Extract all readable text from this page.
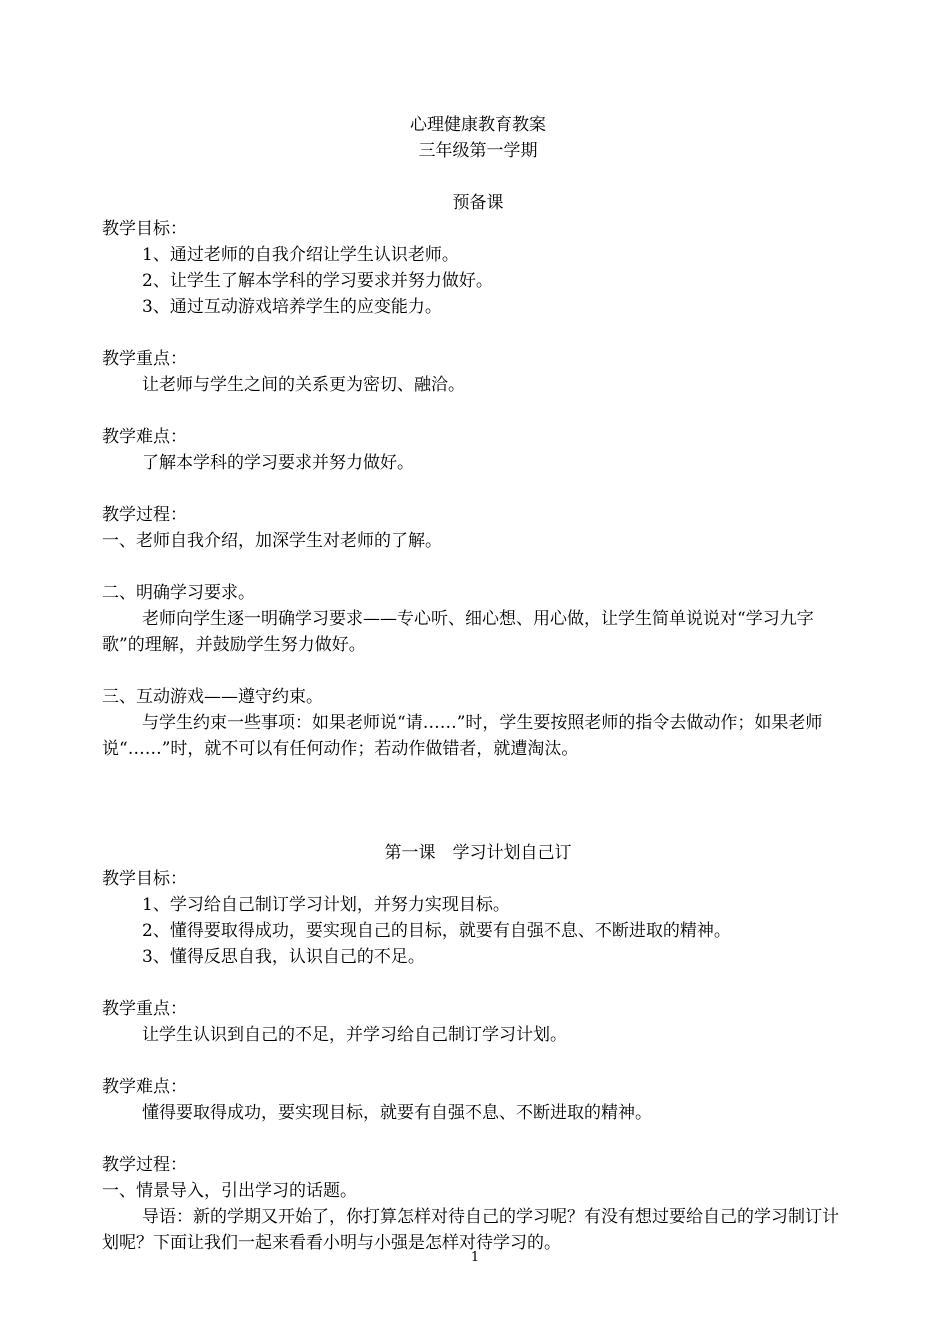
心理健康教育教案
三年级第一学期
预备课
教学目标：
1、通过老师的自我介绍让学生认识老师。
2、让学生了解本学科的学习要求并努力做好。
3、通过互动游戏培养学生的应变能力。
教学重点：
让老师与学生之间的关系更为密切、融洽。
教学难点：
了解本学科的学习要求并努力做好。
教学过程：
一、老师自我介绍，加深学生对老师的了解。
二、明确学习要求。
老师向学生逐一明确学习要求——专心听、细心想、用心做，让学生简单说说对“学习九字歌”的理解，并鼓励学生努力做好。
三、互动游戏——遵守约束。
与学生约束一些事项：如果老师说“请……”时，学生要按照老师的指令去做动作；如果老师说“……”时，就不可以有任何动作；若动作做错者，就遭淘汰。
第一课　学习计划自己订
教学目标：
1、学习给自己制订学习计划，并努力实现目标。
2、懂得要取得成功，要实现自己的目标，就要有自强不息、不断进取的精神。
3、懂得反思自我，认识自己的不足。
教学重点：
让学生认识到自己的不足，并学习给自己制订学习计划。
教学难点：
懂得要取得成功，要实现目标，就要有自强不息、不断进取的精神。
教学过程：
一、情景导入，引出学习的话题。
导语：新的学期又开始了，你打算怎样对待自己的学习呢？有没有想过要给自己的学习制订计划呢？下面让我们一起来看看小明与小强是怎样对待学习的。
1
